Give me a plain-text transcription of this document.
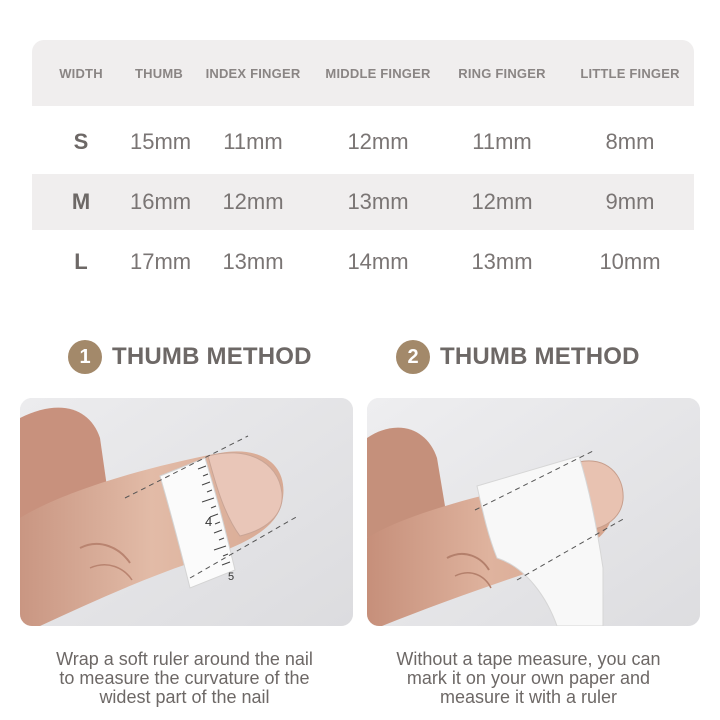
WIDTH	THUMB	INDEX FINGER	MIDDLE FINGER	RING FINGER	LITTLE FINGER
S	15mm	11mm	12mm	11mm	8mm
M	16mm	12mm	13mm	12mm	9mm
L	17mm	13mm	14mm	13mm	10mm
1 THUMB METHOD	2 THUMB METHOD
4
5
Wrap a soft ruler around the nail
to measure the curvature of the
widest part of the nail
Without a tape measure, you can
mark it on your own paper and
measure it with a ruler
